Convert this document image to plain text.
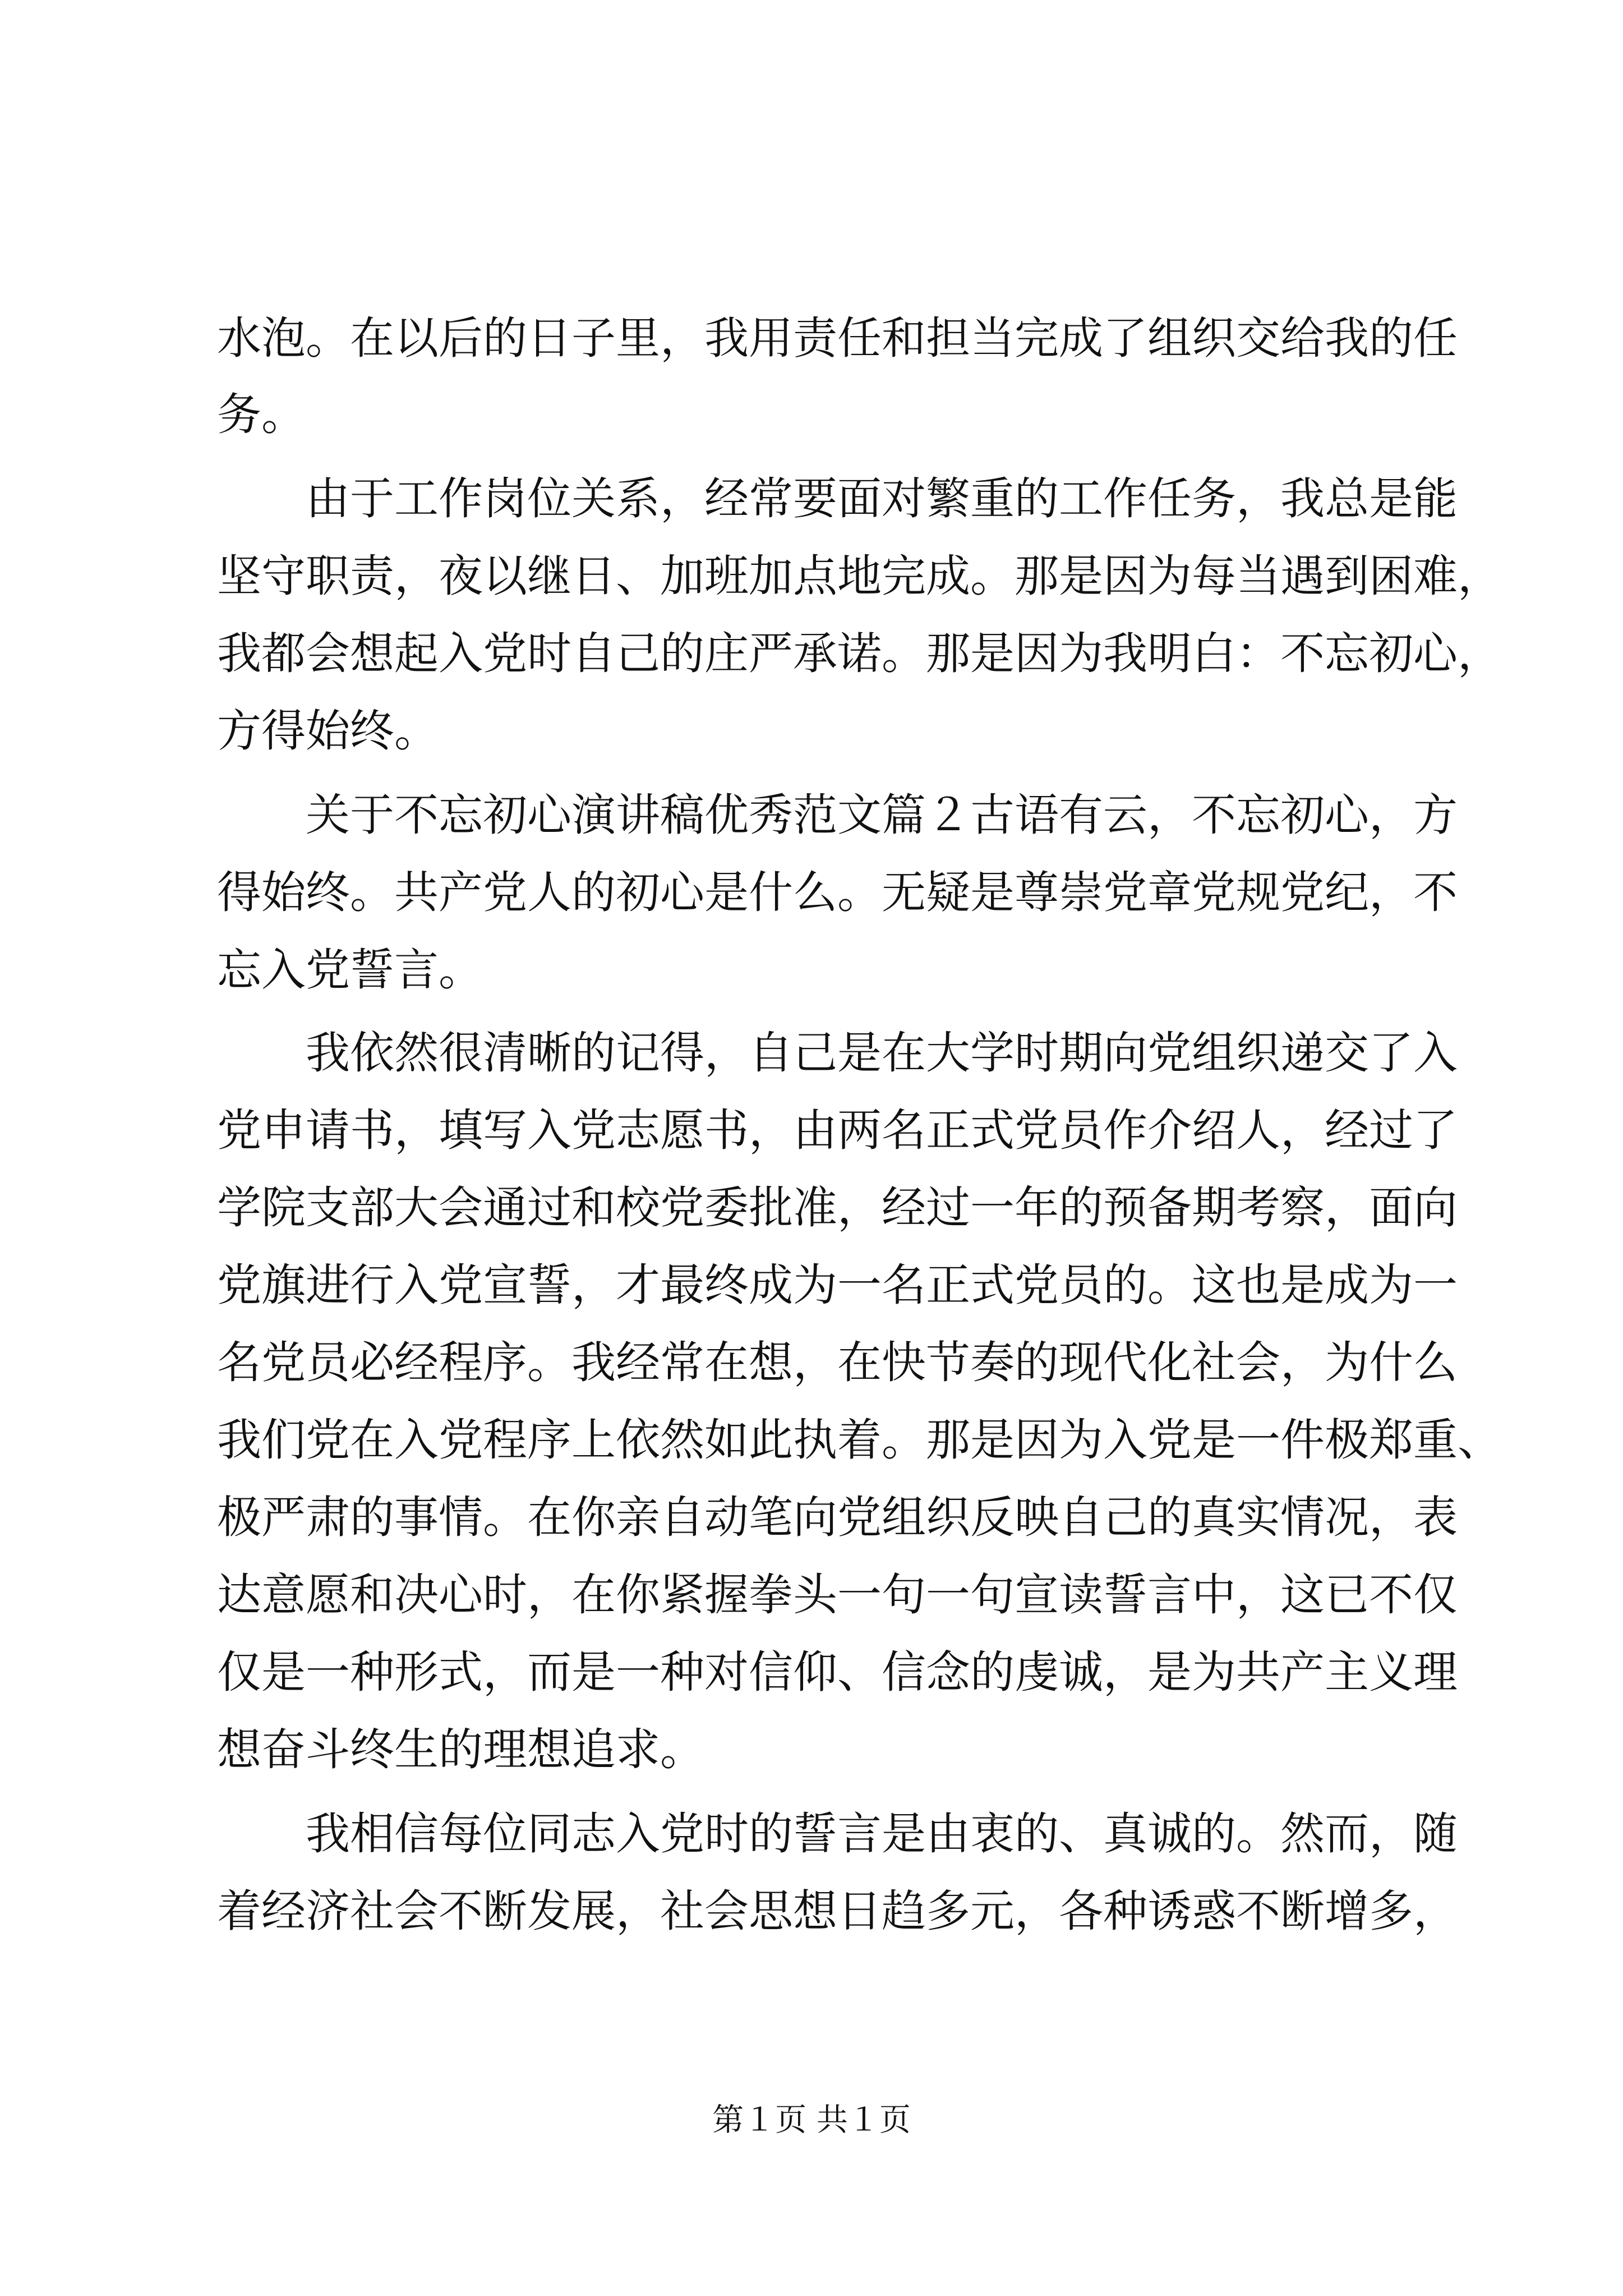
水泡。在以后的日子里，我用责任和担当完成了组织交给我的任
务。
由于工作岗位关系，经常要面对繁重的工作任务，我总是能
坚守职责，夜以继日、加班加点地完成。那是因为每当遇到困难，
我都会想起入党时自己的庄严承诺。那是因为我明白：不忘初心，
方得始终。
关于不忘初心演讲稿优秀范文篇２古语有云，不忘初心，方
得始终。共产党人的初心是什么。无疑是尊崇党章党规党纪，不
忘入党誓言。
我依然很清晰的记得，自己是在大学时期向党组织递交了入
党申请书，填写入党志愿书，由两名正式党员作介绍人，经过了
学院支部大会通过和校党委批准，经过一年的预备期考察，面向
党旗进行入党宣誓，才最终成为一名正式党员的。这也是成为一
名党员必经程序。我经常在想，在快节奏的现代化社会，为什么
我们党在入党程序上依然如此执着。那是因为入党是一件极郑重、
极严肃的事情。在你亲自动笔向党组织反映自己的真实情况，表
达意愿和决心时，在你紧握拳头一句一句宣读誓言中，这已不仅
仅是一种形式，而是一种对信仰、信念的虔诚，是为共产主义理
想奋斗终生的理想追求。
我相信每位同志入党时的誓言是由衷的、真诚的。然而，随
着经济社会不断发展，社会思想日趋多元，各种诱惑不断增多，
第１页 共１页
